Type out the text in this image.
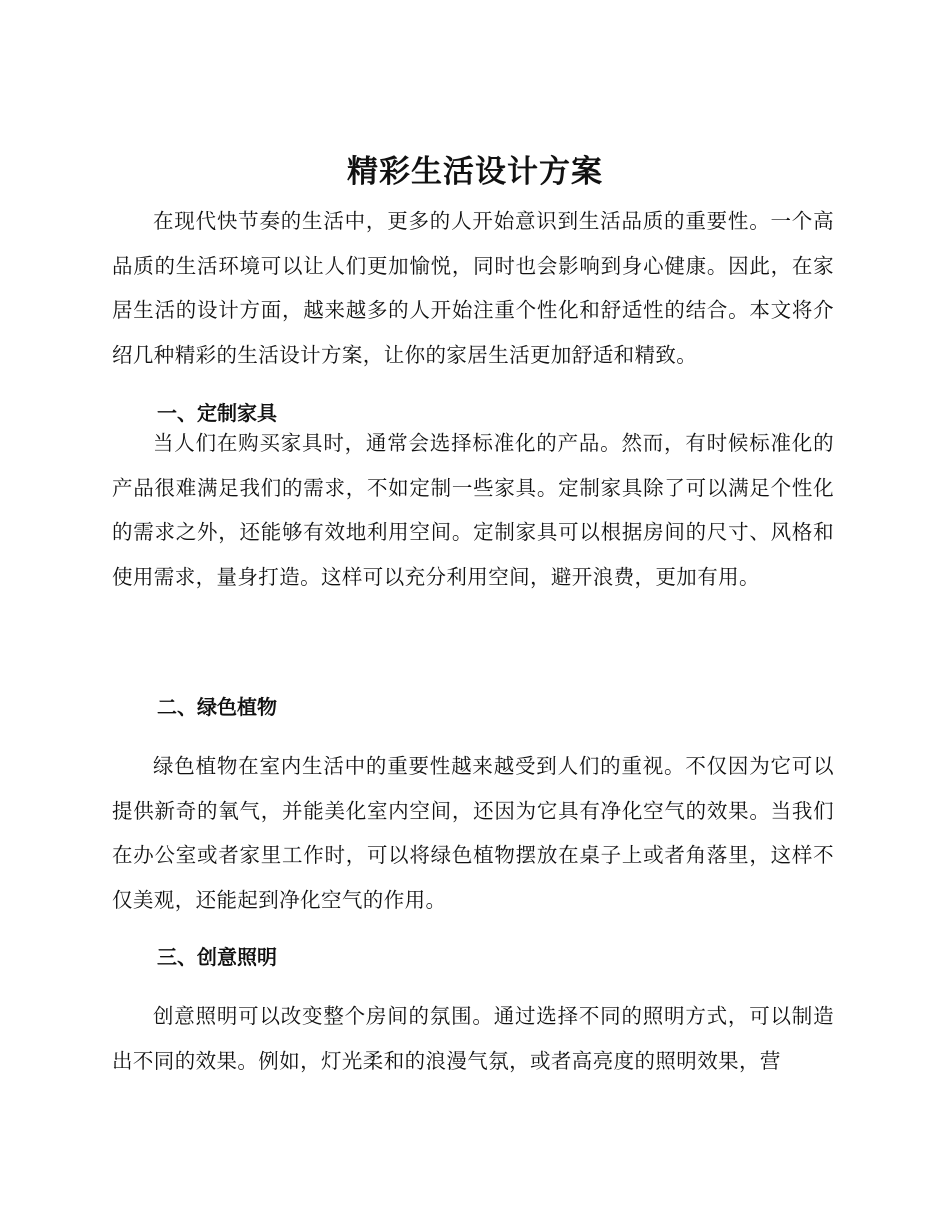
精彩生活设计方案

在现代快节奏的生活中，更多的人开始意识到生活品质的重要性。一个高品质的生活环境可以让人们更加愉悦，同时也会影响到身心健康。因此，在家居生活的设计方面，越来越多的人开始注重个性化和舒适性的结合。本文将介绍几种精彩的生活设计方案，让你的家居生活更加舒适和精致。

一、定制家具

当人们在购买家具时，通常会选择标准化的产品。然而，有时候标准化的产品很难满足我们的需求，不如定制一些家具。定制家具除了可以满足个性化的需求之外，还能够有效地利用空间。定制家具可以根据房间的尺寸、风格和使用需求，量身打造。这样可以充分利用空间，避开浪费，更加有用。

二、绿色植物

绿色植物在室内生活中的重要性越来越受到人们的重视。不仅因为它可以提供新奇的氧气，并能美化室内空间，还因为它具有净化空气的效果。当我们在办公室或者家里工作时，可以将绿色植物摆放在桌子上或者角落里，这样不仅美观，还能起到净化空气的作用。

三、创意照明

创意照明可以改变整个房间的氛围。通过选择不同的照明方式，可以制造出不同的效果。例如，灯光柔和的浪漫气氛，或者高亮度的照明效果，营
